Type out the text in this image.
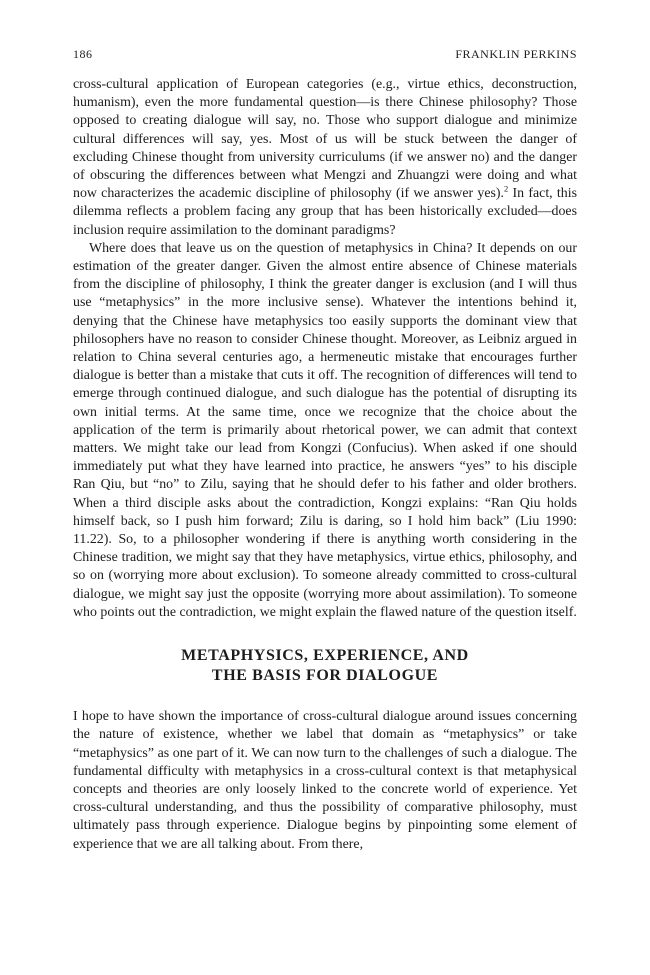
186	FRANKLIN PERKINS

cross-cultural application of European categories (e.g., virtue ethics, deconstruction, humanism), even the more fundamental question—is there Chinese philosophy? Those opposed to creating dialogue will say, no. Those who support dialogue and minimize cultural differences will say, yes. Most of us will be stuck between the danger of excluding Chinese thought from university curriculums (if we answer no) and the danger of obscuring the differences between what Mengzi and Zhuangzi were doing and what now characterizes the academic discipline of philosophy (if we answer yes).$^2$ In fact, this dilemma reflects a problem facing any group that has been historically excluded—does inclusion require assimilation to the dominant paradigms?

Where does that leave us on the question of metaphysics in China? It depends on our estimation of the greater danger. Given the almost entire absence of Chinese materials from the discipline of philosophy, I think the greater danger is exclusion (and I will thus use “metaphysics” in the more inclusive sense). Whatever the intentions behind it, denying that the Chinese have metaphysics too easily supports the dominant view that philosophers have no reason to consider Chinese thought. Moreover, as Leibniz argued in relation to China several centuries ago, a hermeneutic mistake that encourages further dialogue is better than a mistake that cuts it off. The recognition of differences will tend to emerge through continued dialogue, and such dialogue has the potential of disrupting its own initial terms. At the same time, once we recognize that the choice about the application of the term is primarily about rhetorical power, we can admit that context matters. We might take our lead from Kongzi (Confucius). When asked if one should immediately put what they have learned into practice, he answers “yes” to his disciple Ran Qiu, but “no” to Zilu, saying that he should defer to his father and older brothers. When a third disciple asks about the contradiction, Kongzi explains: “Ran Qiu holds himself back, so I push him forward; Zilu is daring, so I hold him back” (Liu 1990: 11.22). So, to a philosopher wondering if there is anything worth considering in the Chinese tradition, we might say that they have metaphysics, virtue ethics, philosophy, and so on (worrying more about exclusion). To someone already committed to cross-cultural dialogue, we might say just the opposite (worrying more about assimilation). To someone who points out the contradiction, we might explain the flawed nature of the question itself.

METAPHYSICS, EXPERIENCE, AND
THE BASIS FOR DIALOGUE

I hope to have shown the importance of cross-cultural dialogue around issues concerning the nature of existence, whether we label that domain as “metaphysics” or take “metaphysics” as one part of it. We can now turn to the challenges of such a dialogue. The fundamental difficulty with metaphysics in a cross-cultural context is that metaphysical concepts and theories are only loosely linked to the concrete world of experience. Yet cross-cultural understanding, and thus the possibility of comparative philosophy, must ultimately pass through experience. Dialogue begins by pinpointing some element of experience that we are all talking about. From there,
